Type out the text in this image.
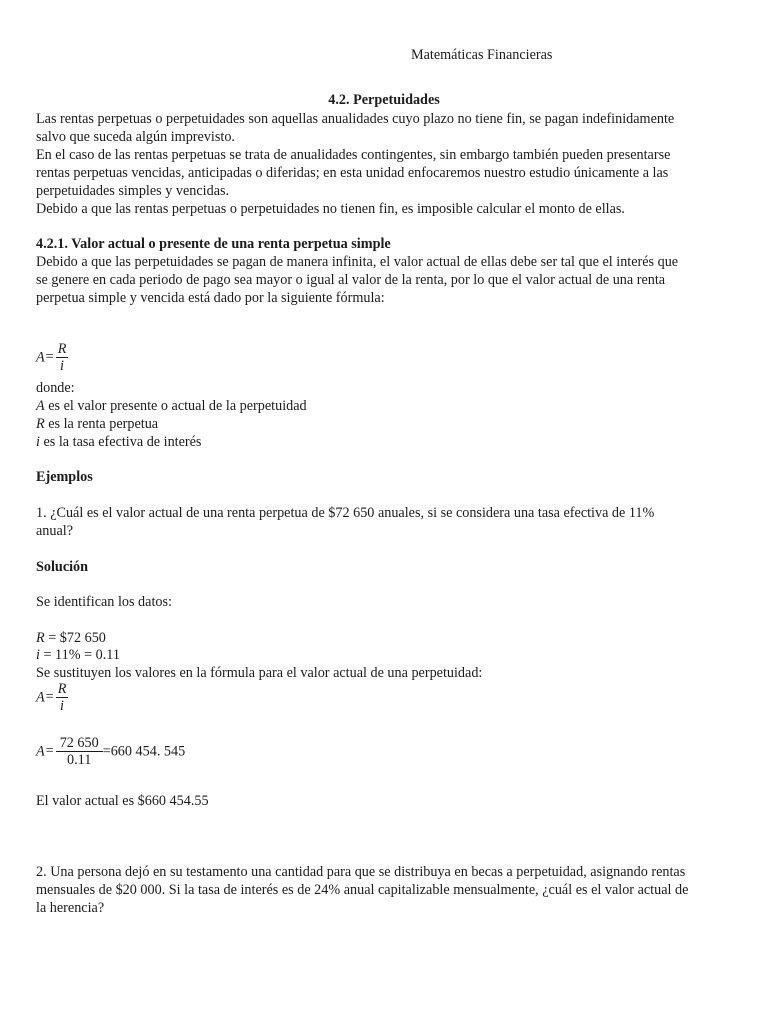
Matemáticas Financieras
4.2. Perpetuidades
Las rentas perpetuas o perpetuidades son aquellas anualidades cuyo plazo no tiene fin, se pagan indefinidamente
salvo que suceda algún imprevisto.
En el caso de las rentas perpetuas se trata de anualidades contingentes, sin embargo también pueden presentarse
rentas perpetuas vencidas, anticipadas o diferidas; en esta unidad enfocaremos nuestro estudio únicamente a las
perpetuidades simples y vencidas.
Debido a que las rentas perpetuas o perpetuidades no tienen fin, es imposible calcular el monto de ellas.
4.2.1. Valor actual o presente de una renta perpetua simple
Debido a que las perpetuidades se pagan de manera infinita, el valor actual de ellas debe ser tal que el interés que
se genere en cada periodo de pago sea mayor o igual al valor de la renta, por lo que el valor actual de una renta
perpetua simple y vencida está dado por la siguiente fórmula:
$A= \frac{R}{i}$
donde:
A es el valor presente o actual de la perpetuidad
R es la renta perpetua
i es la tasa efectiva de interés
Ejemplos
1. ¿Cuál es el valor actual de una renta perpetua de $72 650 anuales, si se considera una tasa efectiva de 11%
anual?
Solución
Se identifican los datos:
R = $72 650
i = 11% = 0.11
Se sustituyen los valores en la fórmula para el valor actual de una perpetuidad:
$A= \frac{R}{i}$
$A= \frac{72 650}{0.11} =660$ 454. 545
El valor actual es $660 454.55
2. Una persona dejó en su testamento una cantidad para que se distribuya en becas a perpetuidad, asignando rentas
mensuales de $20 000. Si la tasa de interés es de 24% anual capitalizable mensualmente, ¿cuál es el valor actual de
la herencia?
